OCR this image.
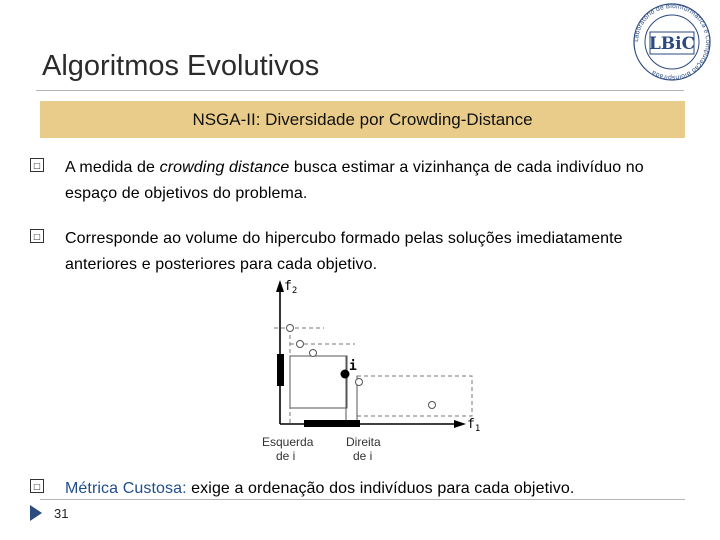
Algoritmos Evolutivos
Laboratório de Bioinformática e Computação Bioinspirada
LBiC
NSGA-II: Diversidade por Crowding-Distance
□ A medida de crowding distance busca estimar a vizinhança de cada indivíduo no espaço de objetivos do problema.
□ Corresponde ao volume do hipercubo formado pelas soluções imediatamente anteriores e posteriores para cada objetivo.
$f_2$
$f_1$
i
Esquerda
de i
Direita
de i
□ Métrica Custosa: exige a ordenação dos indivíduos para cada objetivo.
31
